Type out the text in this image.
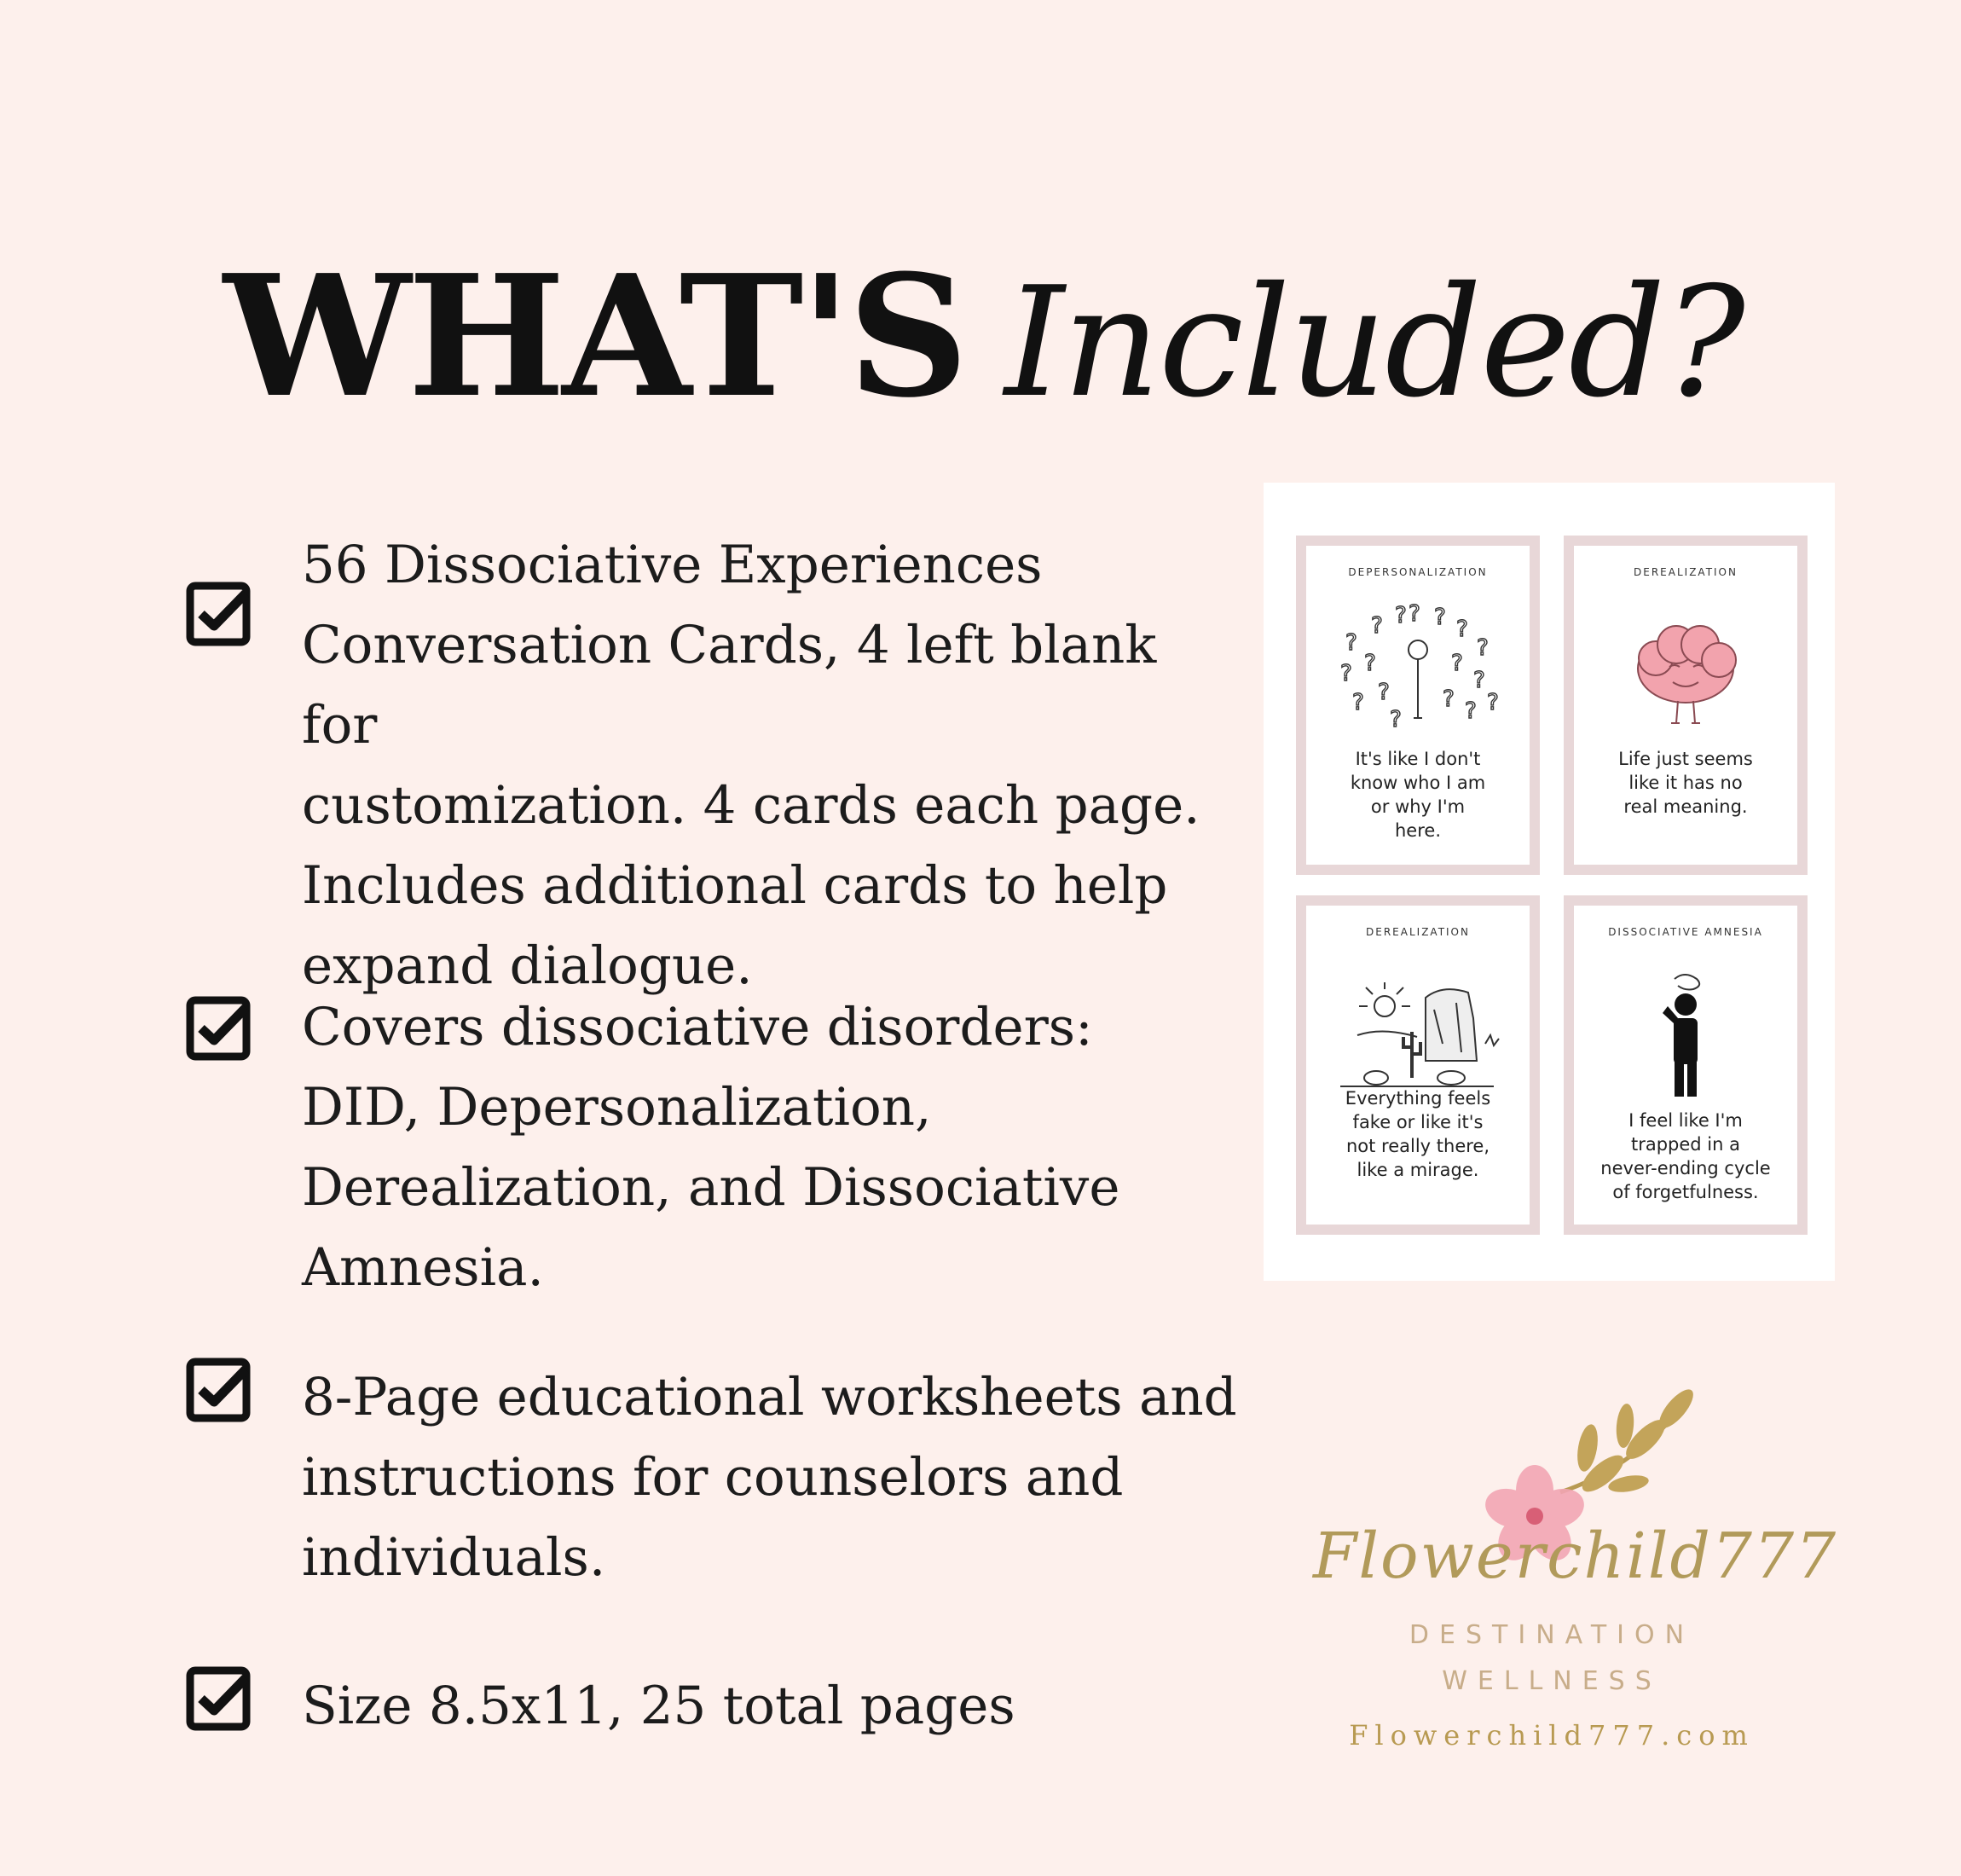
WHAT'S Included?
56 Dissociative Experiences
Conversation Cards, 4 left blank for
customization. 4 cards each page.
Includes additional cards to help
expand dialogue.
Covers dissociative disorders:
DID, Depersonalization,
Derealization, and Dissociative
Amnesia.
8-Page educational worksheets and
instructions for counselors and
individuals.
Size 8.5x11, 25 total pages
DEPERSONALIZATION
?
? ? ? ?
?
? ?	?
?
? ? ? ?
?
?
?
It's like I don't
know who I am
or why I'm
here.
DEREALIZATION
Life just seems
like it has no
real meaning.
DEREALIZATION
Everything feels
fake or like it's
not really there,
like a mirage.
DISSOCIATIVE AMNESIA
I feel like I'm
trapped in a
never-ending cycle
of forgetfulness.
Flowerchild777
DESTINATION
WELLNESS
Flowerchild777.com
